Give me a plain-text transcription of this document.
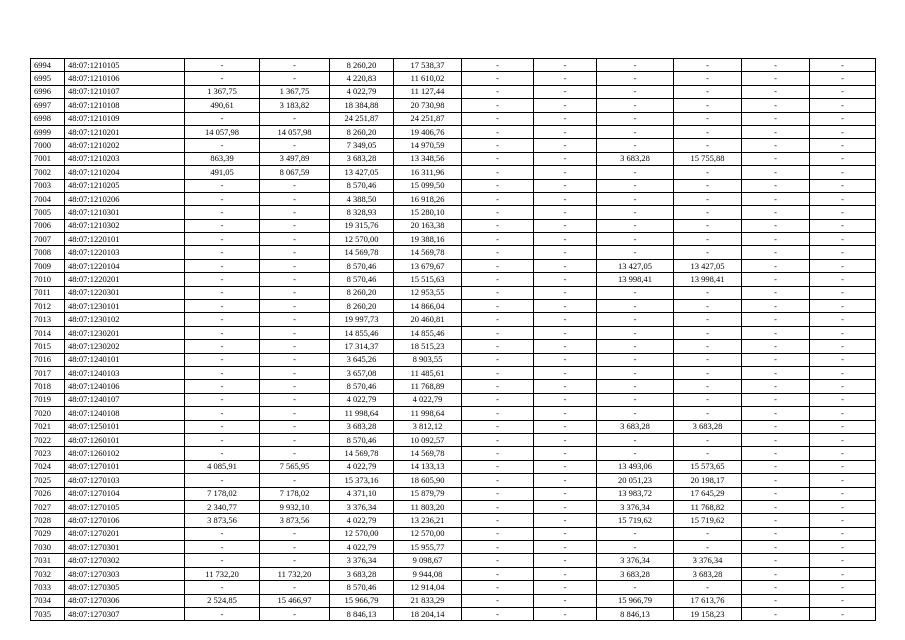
6994	48:07:1210105	-	-	8 260,20	17 538,37	-	-	-	-	-	-
6995	48:07:1210106	-	-	4 220,83	11 610,02	-	-	-	-	-	-
6996	48:07:1210107	1 367,75	1 367,75	4 022,79	11 127,44	-	-	-	-	-	-
6997	48:07:1210108	490,61	3 183,82	18 384,88	20 730,98	-	-	-	-	-	-
6998	48:07:1210109	-	-	24 251,87	24 251,87	-	-	-	-	-	-
6999	48:07:1210201	14 057,98	14 057,98	8 260,20	19 406,76	-	-	-	-	-	-
7000	48:07:1210202	-	-	7 349,05	14 970,59	-	-	-	-	-	-
7001	48:07:1210203	863,39	3 497,89	3 683,28	13 348,56	-	-	3 683,28	15 755,88	-	-
7002	48:07:1210204	491,05	8 067,59	13 427,05	16 311,96	-	-	-	-	-	-
7003	48:07:1210205	-	-	8 570,46	15 099,50	-	-	-	-	-	-
7004	48:07:1210206	-	-	4 388,50	16 918,26	-	-	-	-	-	-
7005	48:07:1210301	-	-	8 328,93	15 280,10	-	-	-	-	-	-
7006	48:07:1210302	-	-	19 315,76	20 163,38	-	-	-	-	-	-
7007	48:07:1220101	-	-	12 570,00	19 388,16	-	-	-	-	-	-
7008	48:07:1220103	-	-	14 569,78	14 569,78	-	-	-	-	-	-
7009	48:07:1220104	-	-	8 570,46	13 679,67	-	-	13 427,05	13 427,05	-	-
7010	48:07:1220201	-	-	8 570,46	15 515,63	-	-	13 998,41	13 998,41	-	-
7011	48:07:1220301	-	-	8 260,20	12 953,55	-	-	-	-	-	-
7012	48:07:1230101	-	-	8 260,20	14 866,04	-	-	-	-	-	-
7013	48:07:1230102	-	-	19 997,73	20 460,81	-	-	-	-	-	-
7014	48:07:1230201	-	-	14 855,46	14 855,46	-	-	-	-	-	-
7015	48:07:1230202	-	-	17 314,37	18 515,23	-	-	-	-	-	-
7016	48:07:1240101	-	-	3 645,26	8 903,55	-	-	-	-	-	-
7017	48:07:1240103	-	-	3 657,08	11 485,61	-	-	-	-	-	-
7018	48:07:1240106	-	-	8 570,46	11 768,89	-	-	-	-	-	-
7019	48:07:1240107	-	-	4 022,79	4 022,79	-	-	-	-	-	-
7020	48:07:1240108	-	-	11 998,64	11 998,64	-	-	-	-	-	-
7021	48:07:1250101	-	-	3 683,28	3 812,12	-	-	3 683,28	3 683,28	-	-
7022	48:07:1260101	-	-	8 570,46	10 092,57	-	-	-	-	-	-
7023	48:07:1260102	-	-	14 569,78	14 569,78	-	-	-	-	-	-
7024	48:07:1270101	4 085,91	7 565,95	4 022,79	14 133,13	-	-	13 493,06	15 573,65	-	-
7025	48:07:1270103	-	-	15 373,16	18 605,90	-	-	20 051,23	20 198,17	-	-
7026	48:07:1270104	7 178,02	7 178,02	4 371,10	15 879,79	-	-	13 983,72	17 645,29	-	-
7027	48:07:1270105	2 340,77	9 932,10	3 376,34	11 803,20	-	-	3 376,34	11 768,82	-	-
7028	48:07:1270106	3 873,56	3 873,56	4 022,79	13 236,21	-	-	15 719,62	15 719,62	-	-
7029	48:07:1270201	-	-	12 570,00	12 570,00	-	-	-	-	-	-
7030	48:07:1270301	-	-	4 022,79	15 955,77	-	-	-	-	-	-
7031	48:07:1270302	-	-	3 376,34	9 098,67	-	-	3 376,34	3 376,34	-	-
7032	48:07:1270303	11 732,20	11 732,20	3 683,28	9 944,08	-	-	3 683,28	3 683,28	-	-
7033	48:07:1270305	-	-	8 570,46	12 914,04	-	-	-	-	-	-
7034	48:07:1270306	2 524,85	15 466,97	15 966,79	21 833,29	-	-	15 966,79	17 613,76	-	-
7035	48:07:1270307	-	-	8 846,13	18 204,14	-	-	8 846,13	19 158,23	-	-
